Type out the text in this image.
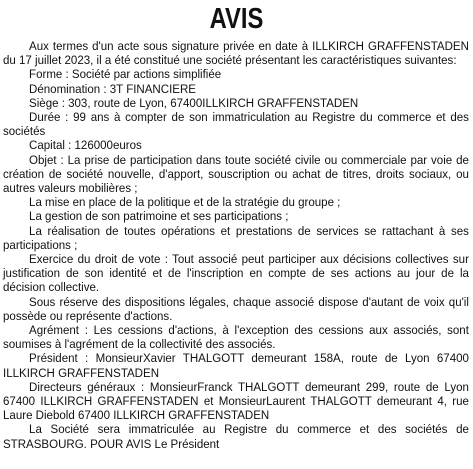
AVIS

Aux termes d'un acte sous signature privée en date à ILLKIRCH GRAFFENSTADEN du 17 juillet 2023, il a été constitué une société présentant les caractéristiques suivantes:

Forme : Société par actions simplifiée

Dénomination : 3T FINANCIERE

Siège : 303, route de Lyon, 67400ILLKIRCH GRAFFENSTADEN

Durée : 99 ans à compter de son immatriculation au Registre du commerce et des sociétés

Capital : 126000euros

Objet : La prise de participation dans toute société civile ou commerciale par voie de création de société nouvelle, d'apport, souscription ou achat de titres, droits sociaux, ou autres valeurs mobilières ;

La mise en place de la politique et de la stratégie du groupe ;

La gestion de son patrimoine et ses participations ;

La réalisation de toutes opérations et prestations de services se rattachant à ses participations ;

Exercice du droit de vote : Tout associé peut participer aux décisions collectives sur justification de son identité et de l'inscription en compte de ses actions au jour de la décision collective.

Sous réserve des dispositions légales, chaque associé dispose d'autant de voix qu'il possède ou représente d'actions.

Agrément : Les cessions d'actions, à l'exception des cessions aux associés, sont soumises à l'agrément de la collectivité des associés.

Président : MonsieurXavier THALGOTT demeurant 158A, route de Lyon 67400 ILLKIRCH GRAFFENSTADEN

Directeurs généraux : MonsieurFranck THALGOTT demeurant 299, route de Lyon 67400 ILLKIRCH GRAFFENSTADEN et MonsieurLaurent THALGOTT demeurant 4, rue Laure Diebold 67400 ILLKIRCH GRAFFENSTADEN

La Société sera immatriculée au Registre du commerce et des sociétés de STRASBOURG. POUR AVIS Le Président
